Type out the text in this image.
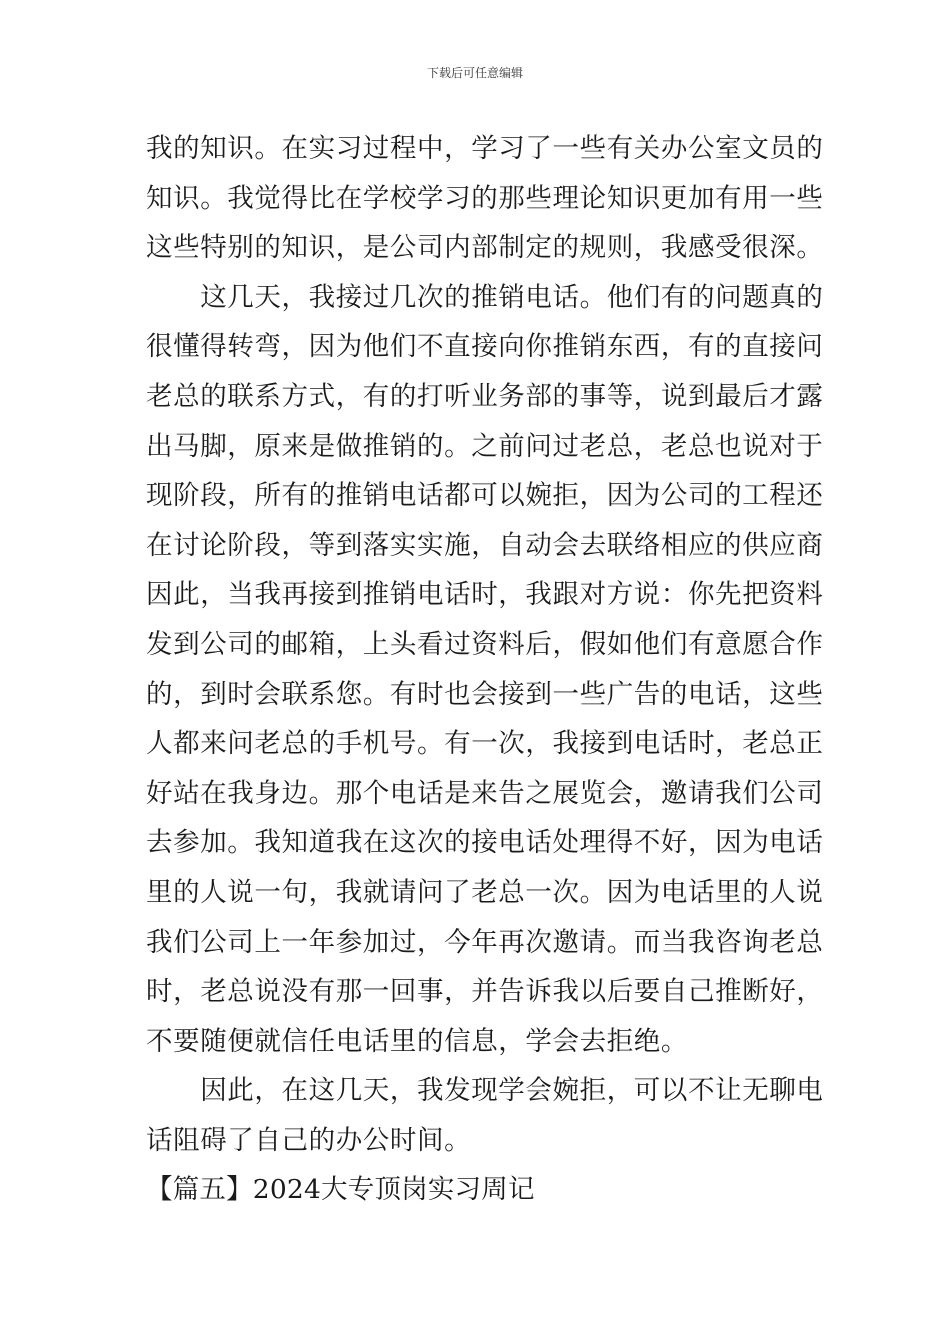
下载后可任意编辑
我的知识。在实习过程中，学习了一些有关办公室文员的
知识。我觉得比在学校学习的那些理论知识更加有用一些
这些特别的知识，是公司内部制定的规则，我感受很深。
　　这几天，我接过几次的推销电话。他们有的问题真的
很懂得转弯，因为他们不直接向你推销东西，有的直接问
老总的联系方式，有的打听业务部的事等，说到最后才露
出马脚，原来是做推销的。之前问过老总，老总也说对于
现阶段，所有的推销电话都可以婉拒，因为公司的工程还
在讨论阶段，等到落实实施，自动会去联络相应的供应商
因此，当我再接到推销电话时，我跟对方说：你先把资料
发到公司的邮箱，上头看过资料后，假如他们有意愿合作
的，到时会联系您。有时也会接到一些广告的电话，这些
人都来问老总的手机号。有一次，我接到电话时，老总正
好站在我身边。那个电话是来告之展览会，邀请我们公司
去参加。我知道我在这次的接电话处理得不好，因为电话
里的人说一句，我就请问了老总一次。因为电话里的人说
我们公司上一年参加过，今年再次邀请。而当我咨询老总
时，老总说没有那一回事，并告诉我以后要自己推断好，
不要随便就信任电话里的信息，学会去拒绝。
　　因此，在这几天，我发现学会婉拒，可以不让无聊电
话阻碍了自己的办公时间。
【篇五】2024大专顶岗实习周记
